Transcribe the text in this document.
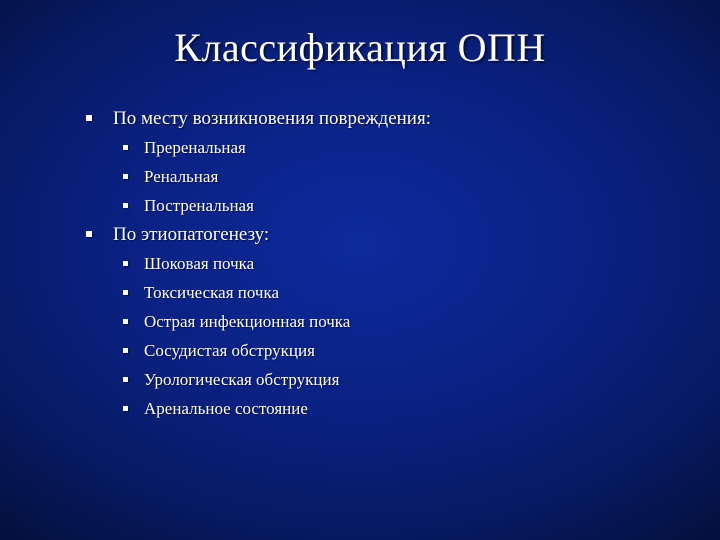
Классификация ОПН
По месту возникновения повреждения:
Преренальная
Ренальная
Постренальная
По этиопатогенезу:
Шоковая почка
Токсическая почка
Острая инфекционная почка
Сосудистая обструкция
Урологическая обструкция
Аренальное состояние
